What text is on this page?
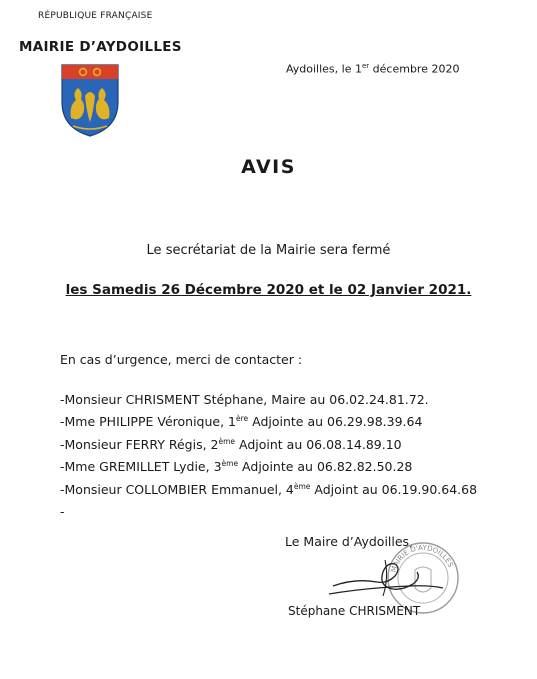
RÉPUBLIQUE FRANÇAISE
MAIRIE D’AYDOILLES
Aydoilles, le 1er décembre 2020
AVIS
Le secrétariat de la Mairie sera fermé
les Samedis 26 Décembre 2020 et le 02 Janvier 2021.
En cas d’urgence, merci de contacter :
-Monsieur CHRISMENT Stéphane, Maire au 06.02.24.81.72.
-Mme PHILIPPE Véronique, 1ère Adjointe au 06.29.98.39.64
-Monsieur FERRY Régis, 2ème Adjoint au 06.08.14.89.10
-Mme GREMILLET Lydie, 3ème Adjointe au 06.82.82.50.28
-Monsieur COLLOMBIER Emmanuel, 4ème Adjoint au 06.19.90.64.68
-
Le Maire d’Aydoilles,
MAIRIE D'AYDOILLES
Stéphane CHRISMENT
